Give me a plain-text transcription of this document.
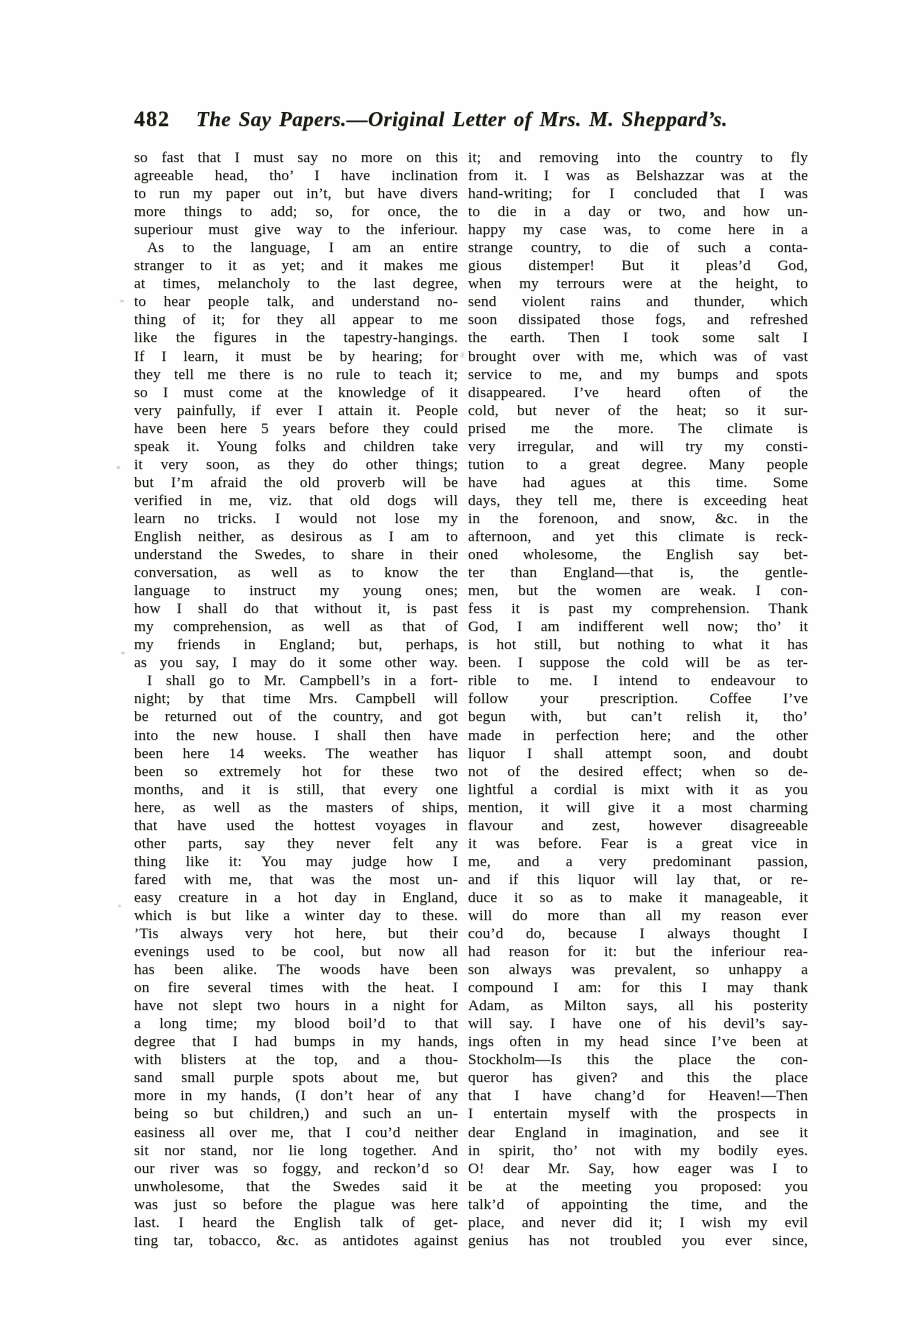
482 The Say Papers.—Original Letter of Mrs. M. Sheppard’s.
so fast that I must say no more on this
agreeable head, tho’ I have inclination
to run my paper out in’t, but have divers
more things to add; so, for once, the
superiour must give way to the inferiour.
As to the language, I am an entire
stranger to it as yet; and it makes me
at times, melancholy to the last degree,
to hear people talk, and understand no-
thing of it; for they all appear to me
like the figures in the tapestry-hangings.
If I learn, it must be by hearing; for
they tell me there is no rule to teach it;
so I must come at the knowledge of it
very painfully, if ever I attain it. People
have been here 5 years before they could
speak it. Young folks and children take
it very soon, as they do other things;
but I’m afraid the old proverb will be
verified in me, viz. that old dogs will
learn no tricks. I would not lose my
English neither, as desirous as I am to
understand the Swedes, to share in their
conversation, as well as to know the
language to instruct my young ones;
how I shall do that without it, is past
my comprehension, as well as that of
my friends in England; but, perhaps,
as you say, I may do it some other way.
I shall go to Mr. Campbell’s in a fort-
night; by that time Mrs. Campbell will
be returned out of the country, and got
into the new house. I shall then have
been here 14 weeks. The weather has
been so extremely hot for these two
months, and it is still, that every one
here, as well as the masters of ships,
that have used the hottest voyages in
other parts, say they never felt any
thing like it: You may judge how I
fared with me, that was the most un-
easy creature in a hot day in England,
which is but like a winter day to these.
’Tis always very hot here, but their
evenings used to be cool, but now all
has been alike. The woods have been
on fire several times with the heat. I
have not slept two hours in a night for
a long time; my blood boil’d to that
degree that I had bumps in my hands,
with blisters at the top, and a thou-
sand small purple spots about me, but
more in my hands, (I don’t hear of any
being so but children,) and such an un-
easiness all over me, that I cou’d neither
sit nor stand, nor lie long together. And
our river was so foggy, and reckon’d so
unwholesome, that the Swedes said it
was just so before the plague was here
last. I heard the English talk of get-
ting tar, tobacco, &c. as antidotes against
it; and removing into the country to fly
from it. I was as Belshazzar was at the
hand-writing; for I concluded that I was
to die in a day or two, and how un-
happy my case was, to come here in a
strange country, to die of such a conta-
gious distemper! But it pleas’d God,
when my terrours were at the height, to
send violent rains and thunder, which
soon dissipated those fogs, and refreshed
the earth. Then I took some salt I
brought over with me, which was of vast
service to me, and my bumps and spots
disappeared. I’ve heard often of the
cold, but never of the heat; so it sur-
prised me the more. The climate is
very irregular, and will try my consti-
tution to a great degree. Many people
have had agues at this time. Some
days, they tell me, there is exceeding heat
in the forenoon, and snow, &c. in the
afternoon, and yet this climate is reck-
oned wholesome, the English say bet-
ter than England—that is, the gentle-
men, but the women are weak. I con-
fess it is past my comprehension. Thank
God, I am indifferent well now; tho’ it
is hot still, but nothing to what it has
been. I suppose the cold will be as ter-
rible to me. I intend to endeavour to
follow your prescription. Coffee I’ve
begun with, but can’t relish it, tho’
made in perfection here; and the other
liquor I shall attempt soon, and doubt
not of the desired effect; when so de-
lightful a cordial is mixt with it as you
mention, it will give it a most charming
flavour and zest, however disagreeable
it was before. Fear is a great vice in
me, and a very predominant passion,
and if this liquor will lay that, or re-
duce it so as to make it manageable, it
will do more than all my reason ever
cou’d do, because I always thought I
had reason for it: but the inferiour rea-
son always was prevalent, so unhappy a
compound I am: for this I may thank
Adam, as Milton says, all his posterity
will say. I have one of his devil’s say-
ings often in my head since I’ve been at
Stockholm—Is this the place the con-
queror has given? and this the place
that I have chang’d for Heaven!—Then
I entertain myself with the prospects in
dear England in imagination, and see it
in spirit, tho’ not with my bodily eyes.
O! dear Mr. Say, how eager was I to
be at the meeting you proposed: you
talk’d of appointing the time, and the
place, and never did it; I wish my evil
genius has not troubled you ever since,
